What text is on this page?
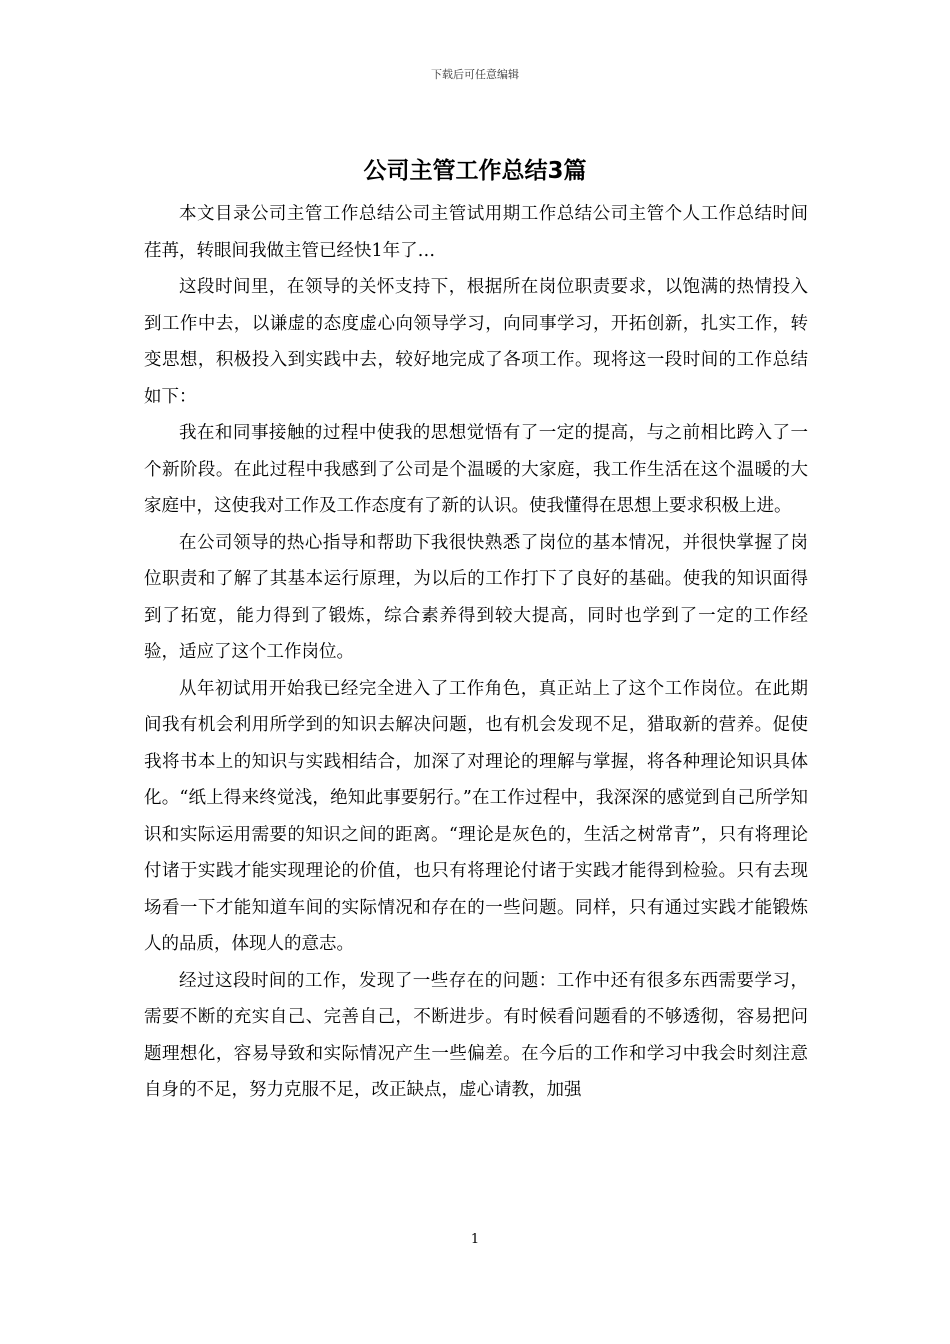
下载后可任意编辑
公司主管工作总结3篇

本文目录公司主管工作总结公司主管试用期工作总结公司主管个人工作总结时间荏苒，转眼间我做主管已经快1年了…

这段时间里，在领导的关怀支持下，根据所在岗位职责要求，以饱满的热情投入到工作中去，以谦虚的态度虚心向领导学习，向同事学习，开拓创新，扎实工作，转变思想，积极投入到实践中去，较好地完成了各项工作。现将这一段时间的工作总结如下：

我在和同事接触的过程中使我的思想觉悟有了一定的提高，与之前相比跨入了一个新阶段。在此过程中我感到了公司是个温暖的大家庭，我工作生活在这个温暖的大家庭中，这使我对工作及工作态度有了新的认识。使我懂得在思想上要求积极上进。

在公司领导的热心指导和帮助下我很快熟悉了岗位的基本情况，并很快掌握了岗位职责和了解了其基本运行原理，为以后的工作打下了良好的基础。使我的知识面得到了拓宽，能力得到了锻炼，综合素养得到较大提高，同时也学到了一定的工作经验，适应了这个工作岗位。

从年初试用开始我已经完全进入了工作角色，真正站上了这个工作岗位。在此期间我有机会利用所学到的知识去解决问题，也有机会发现不足，猎取新的营养。促使我将书本上的知识与实践相结合，加深了对理论的理解与掌握，将各种理论知识具体化。“纸上得来终觉浅，绝知此事要躬行。”在工作过程中，我深深的感觉到自己所学知识和实际运用需要的知识之间的距离。“理论是灰色的，生活之树常青”，只有将理论付诸于实践才能实现理论的价值，也只有将理论付诸于实践才能得到检验。只有去现场看一下才能知道车间的实际情况和存在的一些问题。同样，只有通过实践才能锻炼人的品质，体现人的意志。

经过这段时间的工作，发现了一些存在的问题：工作中还有很多东西需要学习，需要不断的充实自己、完善自己，不断进步。有时候看问题看的不够透彻，容易把问题理想化，容易导致和实际情况产生一些偏差。在今后的工作和学习中我会时刻注意自身的不足，努力克服不足，改正缺点，虚心请教，加强

1
